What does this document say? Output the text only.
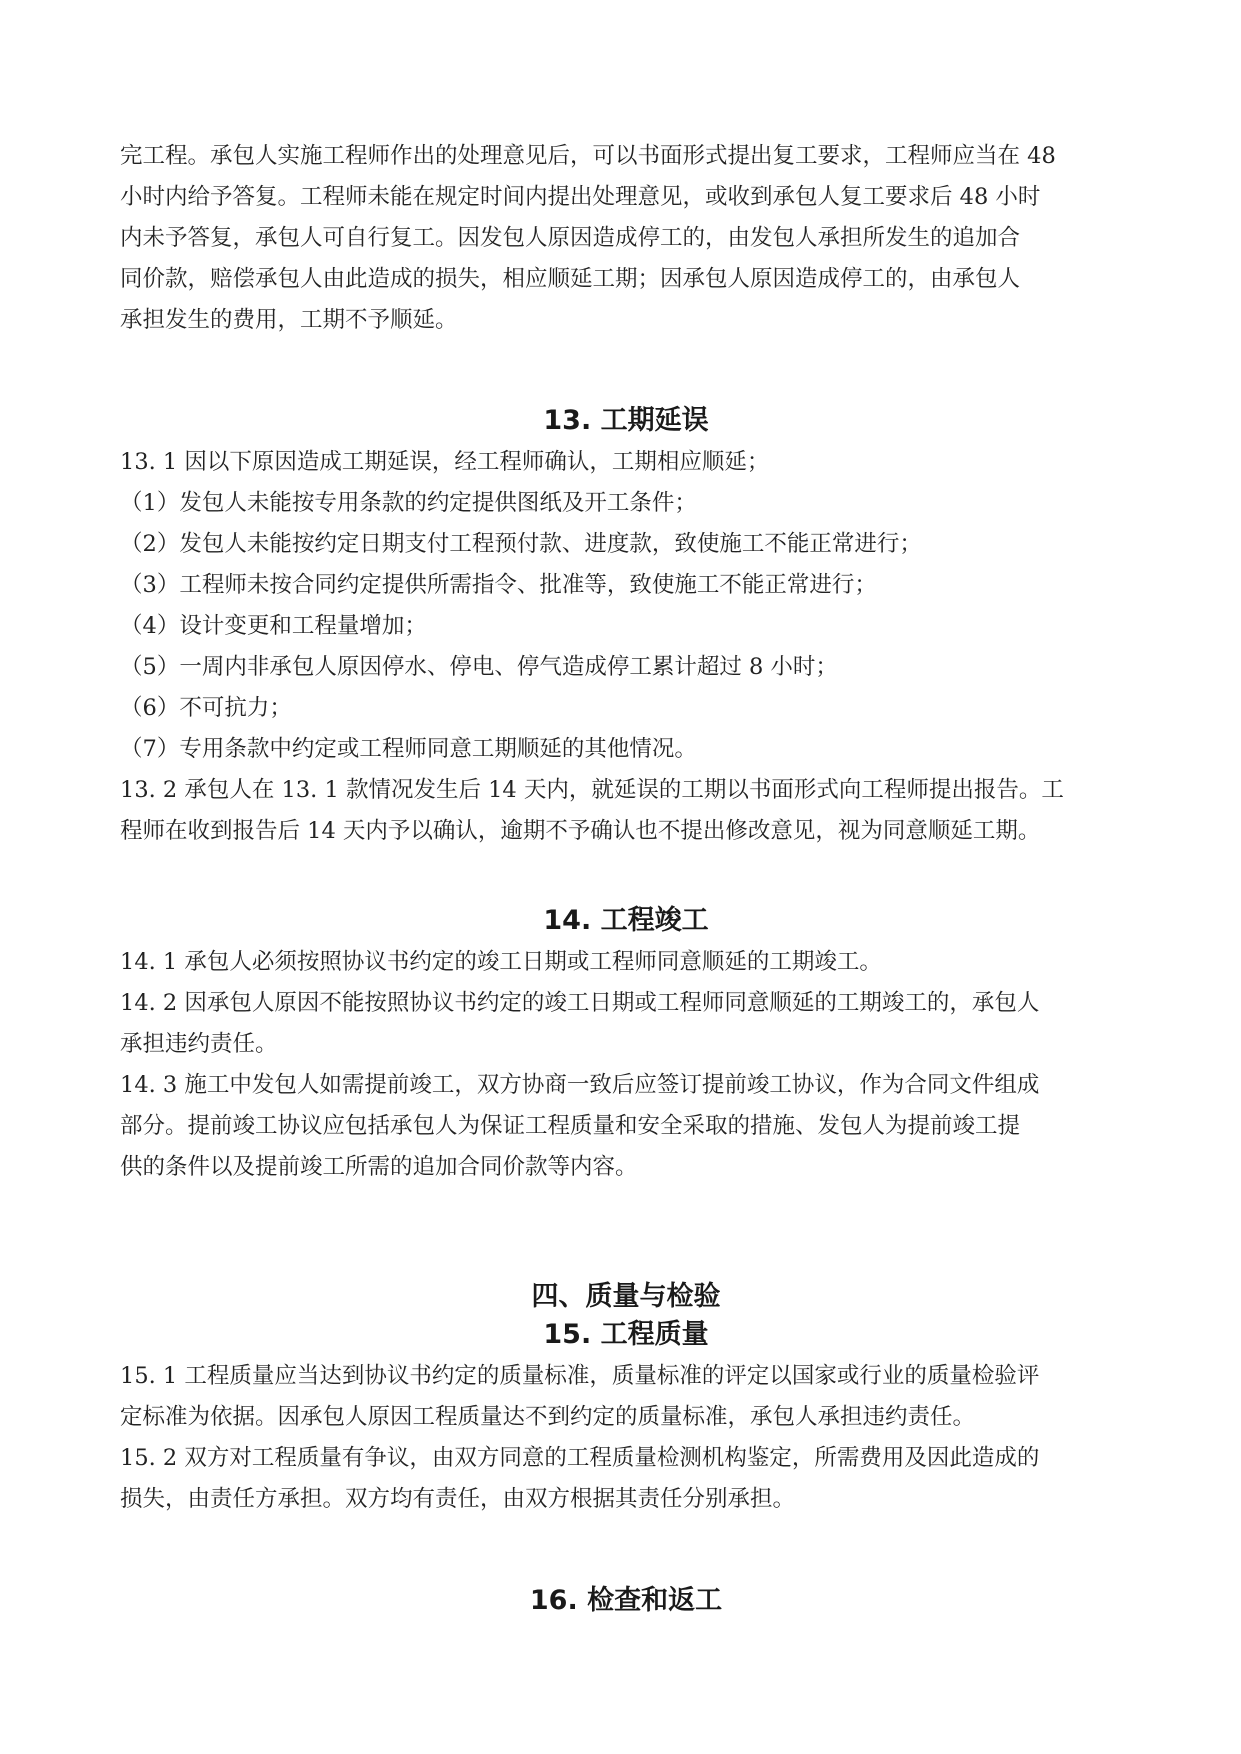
完工程。承包人实施工程师作出的处理意见后，可以书面形式提出复工要求，工程师应当在 48

小时内给予答复。工程师未能在规定时间内提出处理意见，或收到承包人复工要求后 48 小时

内未予答复，承包人可自行复工。因发包人原因造成停工的，由发包人承担所发生的追加合

同价款，赔偿承包人由此造成的损失，相应顺延工期；因承包人原因造成停工的，由承包人

承担发生的费用，工期不予顺延。

13. 工期延误

13. 1 因以下原因造成工期延误，经工程师确认，工期相应顺延；

（1）发包人未能按专用条款的约定提供图纸及开工条件；

（2）发包人未能按约定日期支付工程预付款、进度款，致使施工不能正常进行；

（3）工程师未按合同约定提供所需指令、批准等，致使施工不能正常进行；

（4）设计变更和工程量增加；

（5）一周内非承包人原因停水、停电、停气造成停工累计超过 8 小时；

（6）不可抗力；

（7）专用条款中约定或工程师同意工期顺延的其他情况。

13. 2 承包人在 13. 1 款情况发生后 14 天内，就延误的工期以书面形式向工程师提出报告。工

程师在收到报告后 14 天内予以确认，逾期不予确认也不提出修改意见，视为同意顺延工期。

14. 工程竣工

14. 1 承包人必须按照协议书约定的竣工日期或工程师同意顺延的工期竣工。

14. 2 因承包人原因不能按照协议书约定的竣工日期或工程师同意顺延的工期竣工的，承包人

承担违约责任。

14. 3 施工中发包人如需提前竣工，双方协商一致后应签订提前竣工协议，作为合同文件组成

部分。提前竣工协议应包括承包人为保证工程质量和安全采取的措施、发包人为提前竣工提

供的条件以及提前竣工所需的追加合同价款等内容。

四、质量与检验
15. 工程质量

15. 1 工程质量应当达到协议书约定的质量标准，质量标准的评定以国家或行业的质量检验评

定标准为依据。因承包人原因工程质量达不到约定的质量标准，承包人承担违约责任。

15. 2 双方对工程质量有争议，由双方同意的工程质量检测机构鉴定，所需费用及因此造成的

损失，由责任方承担。双方均有责任，由双方根据其责任分别承担。

16. 检查和返工
